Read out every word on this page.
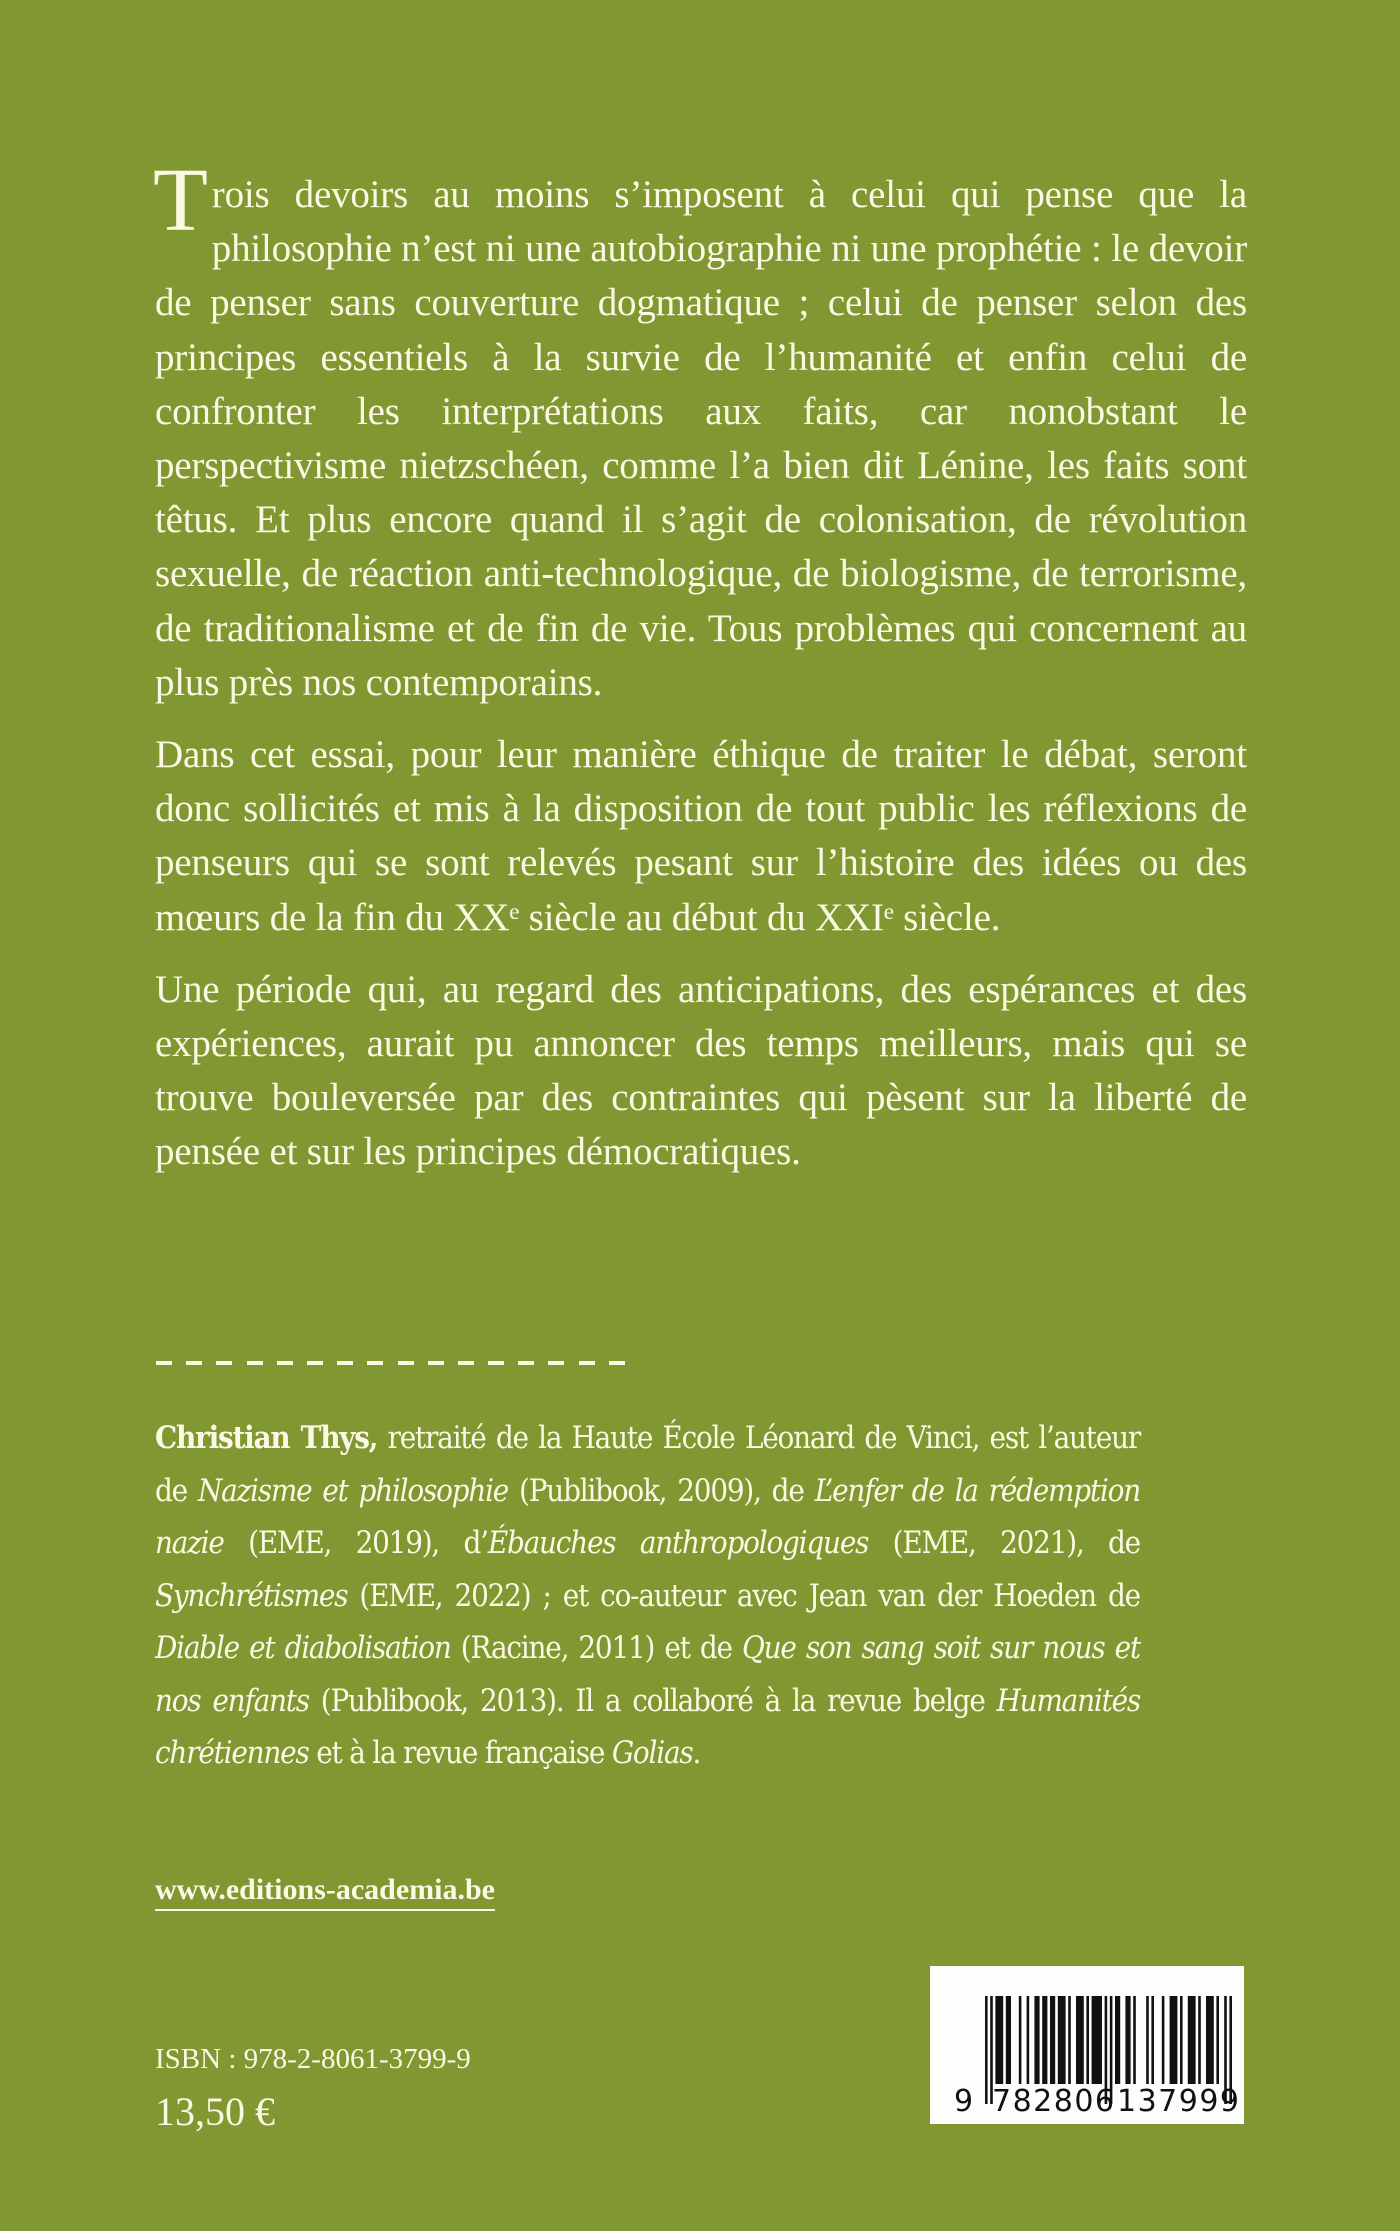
Trois devoirs au moins s’imposent à celui qui pense que la philosophie n’est ni une autobiographie ni une prophétie : le devoir de penser sans couverture dogmatique ; celui de penser selon des principes essentiels à la survie de l’humanité et enfin celui de confronter les interprétations aux faits, car nonobstant le perspectivisme nietzschéen, comme l’a bien dit Lénine, les faits sont têtus. Et plus encore quand il s’agit de colonisation, de révolution sexuelle, de réaction anti-technologique, de biologisme, de terrorisme, de traditionalisme et de fin de vie. Tous problèmes qui concernent au plus près nos contemporains.

Dans cet essai, pour leur manière éthique de traiter le débat, seront donc sollicités et mis à la disposition de tout public les réflexions de penseurs qui se sont relevés pesant sur l’histoire des idées ou des mœurs de la fin du XXᵉ siècle au début du XXIᵉ siècle.

Une période qui, au regard des anticipations, des espérances et des expériences, aurait pu annoncer des temps meilleurs, mais qui se trouve bouleversée par des contraintes qui pèsent sur la liberté de pensée et sur les principes démocratiques.

Christian Thys, retraité de la Haute École Léonard de Vinci, est l’auteur de Nazisme et philosophie (Publibook, 2009), de L’enfer de la rédemption nazie (EME, 2019), d’Ébauches anthropologiques (EME, 2021), de Synchrétismes (EME, 2022) ; et co-auteur avec Jean van der Hoeden de Diable et diabolisation (Racine, 2011) et de Que son sang soit sur nous et nos enfants (Publibook, 2013). Il a collaboré à la revue belge Humanités chrétiennes et à la revue française Golias.

www.editions-academia.be
ISBN : 978-2-8061-3799-9
13,50 €	9 782806 137999
